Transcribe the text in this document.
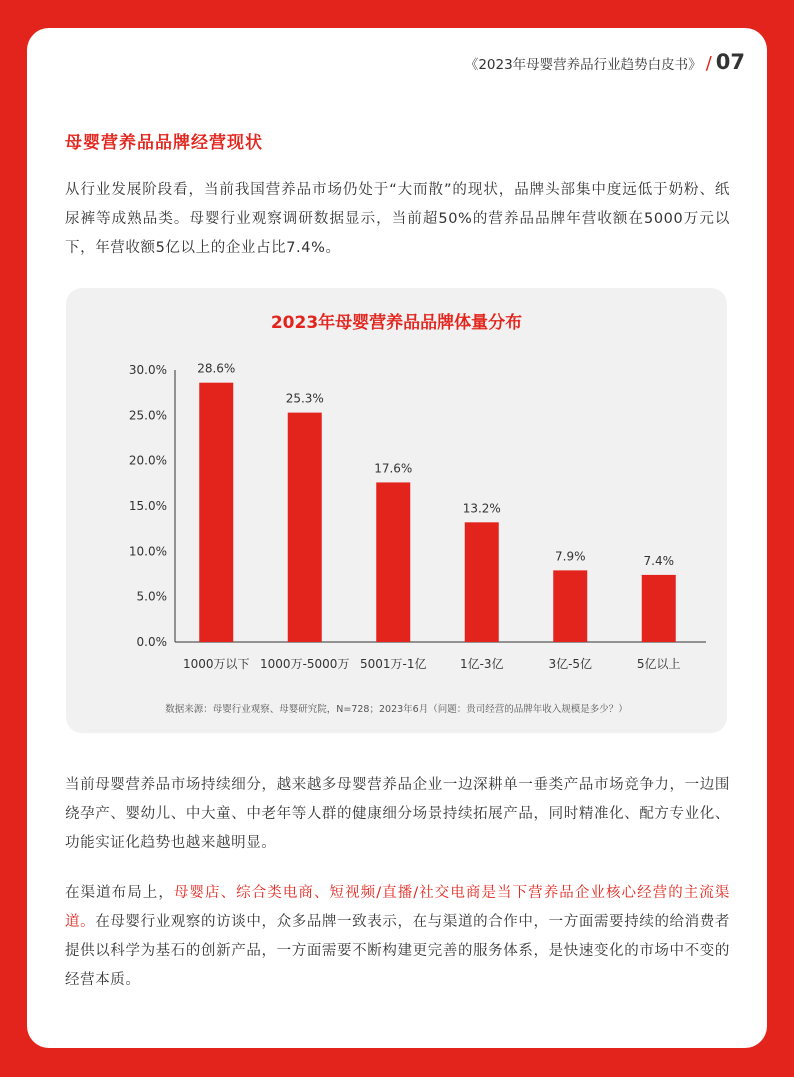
《2023年母婴营养品行业趋势白皮书》 / 07
母婴营养品品牌经营现状

从行业发展阶段看，当前我国营养品市场仍处于“大而散”的现状，品牌头部集中度远低于奶粉、纸尿裤等成熟品类。母婴行业观察调研数据显示，当前超50%的营养品品牌年营收额在5000万元以下，年营收额5亿以上的企业占比7.4%。

2023年母婴营养品品牌体量分布
0.0%
5.0%
10.0%
15.0%
20.0%
25.0%
30.0%	28.6%
1000万以下
25.3%
1000万-5000万
17.6%
5001万-1亿
13.2%
1亿-3亿
7.9%
3亿-5亿
7.4%
5亿以上
数据来源：母婴行业观察、母婴研究院，N=728；2023年6月（问题：贵司经营的品牌年收入规模是多少？）

当前母婴营养品市场持续细分，越来越多母婴营养品企业一边深耕单一垂类产品市场竞争力，一边围绕孕产、婴幼儿、中大童、中老年等人群的健康细分场景持续拓展产品，同时精准化、配方专业化、功能实证化趋势也越来越明显。

在渠道布局上，母婴店、综合类电商、短视频/直播/社交电商是当下营养品企业核心经营的主流渠道。在母婴行业观察的访谈中，众多品牌一致表示，在与渠道的合作中，一方面需要持续的给消费者提供以科学为基石的创新产品，一方面需要不断构建更完善的服务体系，是快速变化的市场中不变的经营本质。
